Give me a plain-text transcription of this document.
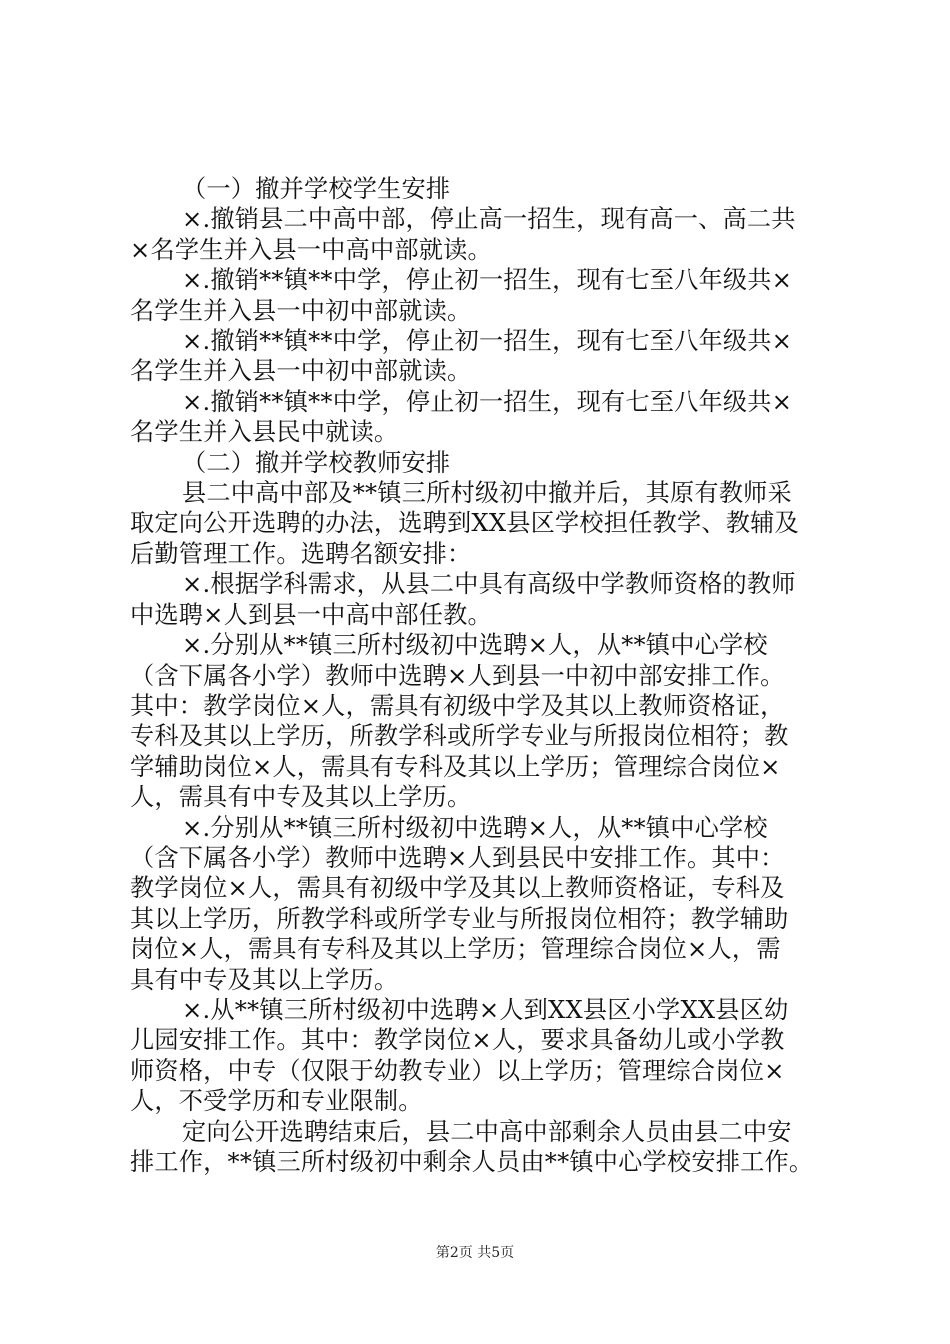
（一）撤并学校学生安排
×.撤销县二中高中部，停止高一招生，现有高一、高二共
×名学生并入县一中高中部就读。
×.撤销**镇**中学，停止初一招生，现有七至八年级共×
名学生并入县一中初中部就读。
×.撤销**镇**中学，停止初一招生，现有七至八年级共×
名学生并入县一中初中部就读。
×.撤销**镇**中学，停止初一招生，现有七至八年级共×
名学生并入县民中就读。
（二）撤并学校教师安排
县二中高中部及**镇三所村级初中撤并后，其原有教师采
取定向公开选聘的办法，选聘到XX县区学校担任教学、教辅及
后勤管理工作。选聘名额安排：
×.根据学科需求，从县二中具有高级中学教师资格的教师
中选聘×人到县一中高中部任教。
×.分别从**镇三所村级初中选聘×人，从**镇中心学校
（含下属各小学）教师中选聘×人到县一中初中部安排工作。
其中：教学岗位×人，需具有初级中学及其以上教师资格证，
专科及其以上学历，所教学科或所学专业与所报岗位相符；教
学辅助岗位×人，需具有专科及其以上学历；管理综合岗位×
人，需具有中专及其以上学历。
×.分别从**镇三所村级初中选聘×人，从**镇中心学校
（含下属各小学）教师中选聘×人到县民中安排工作。其中：
教学岗位×人，需具有初级中学及其以上教师资格证，专科及
其以上学历，所教学科或所学专业与所报岗位相符；教学辅助
岗位×人，需具有专科及其以上学历；管理综合岗位×人，需
具有中专及其以上学历。
×.从**镇三所村级初中选聘×人到XX县区小学XX县区幼
儿园安排工作。其中：教学岗位×人，要求具备幼儿或小学教
师资格，中专（仅限于幼教专业）以上学历；管理综合岗位×
人，不受学历和专业限制。
定向公开选聘结束后，县二中高中部剩余人员由县二中安
排工作，**镇三所村级初中剩余人员由**镇中心学校安排工作。
第2页 共5页
